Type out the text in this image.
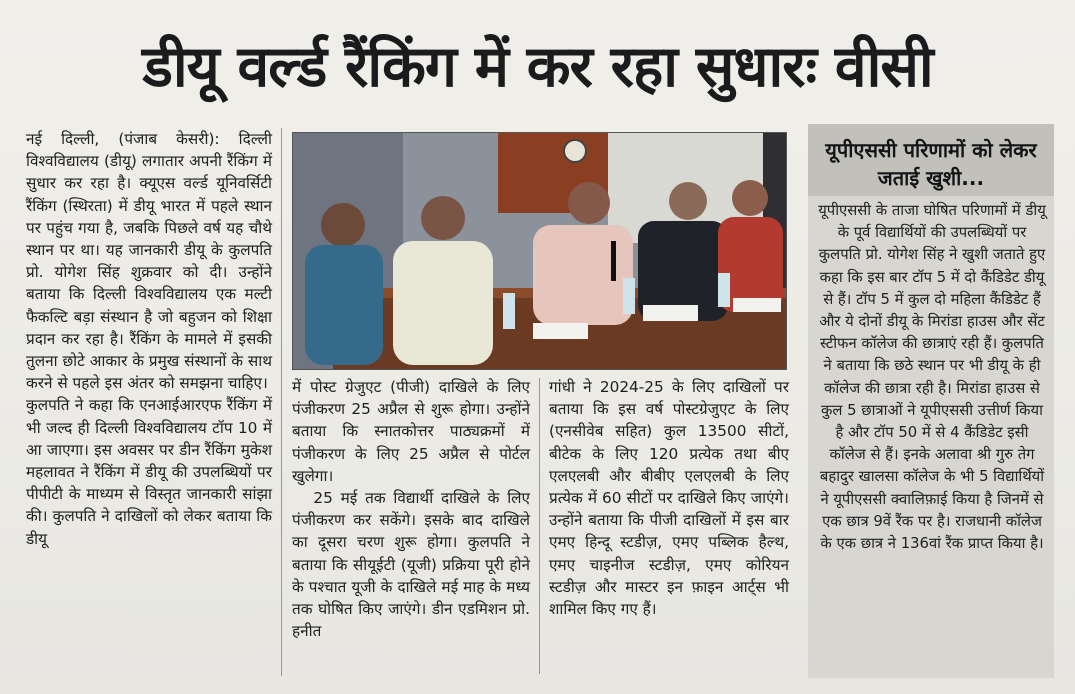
डीयू वर्ल्ड रैंकिंग में कर रहा सुधारः वीसी

नई दिल्ली, (पंजाब केसरी): दिल्ली विश्वविद्यालय (डीयू) लगातार अपनी रैंकिंग में सुधार कर रहा है। क्यूएस वर्ल्ड यूनिवर्सिटी रैंकिंग (स्थिरता) में डीयू भारत में पहले स्थान पर पहुंच गया है, जबकि पिछले वर्ष यह चौथे स्थान पर था। यह जानकारी डीयू के कुलपति प्रो. योगेश सिंह शुक्रवार को दी। उन्होंने बताया कि दिल्ली विश्वविद्यालय एक मल्टी फैकल्टि बड़ा संस्थान है जो बहुजन को शिक्षा प्रदान कर रहा है। रैंकिंग के मामले में इसकी तुलना छोटे आकार के प्रमुख संस्थानों के साथ करने से पहले इस अंतर को समझना चाहिए।

कुलपति ने कहा कि एनआईआरएफ रैंकिंग में भी जल्द ही दिल्ली विश्वविद्यालय टॉप 10 में आ जाएगा। इस अवसर पर डीन रैंकिंग मुकेश महलावत ने रैंकिंग में डीयू की उपलब्धियों पर पीपीटी के माध्यम से विस्तृत जानकारी सांझा की। कुलपति ने दाखिलों को लेकर बताया कि डीयू

में पोस्ट ग्रेजुएट (पीजी) दाखिले के लिए पंजीकरण 25 अप्रैल से शुरू होगा। उन्होंने बताया कि स्नातकोत्तर पाठ्यक्रमों में पंजीकरण के लिए 25 अप्रैल से पोर्टल खुलेगा।

25 मई तक विद्यार्थी दाखिले के लिए पंजीकरण कर सकेंगे। इसके बाद दाखिले का दूसरा चरण शुरू होगा। कुलपति ने बताया कि सीयूईटी (यूजी) प्रक्रिया पूरी होने के पश्चात यूजी के दाखिले मई माह के मध्य तक घोषित किए जाएंगे। डीन एडमिशन प्रो. हनीत

गांधी ने 2024-25 के लिए दाखिलों पर बताया कि इस वर्ष पोस्टग्रेजुएट के लिए (एनसीवेब सहित) कुल 13500 सीटों, बीटेक के लिए 120 प्रत्येक तथा बीए एलएलबी और बीबीए एलएलबी के लिए प्रत्येक में 60 सीटों पर दाखिले किए जाएंगे। उन्होंने बताया कि पीजी दाखिलों में इस बार एमए हिन्दू स्टडीज़, एमए पब्लिक हैल्थ, एमए चाइनीज स्टडीज़, एमए कोरियन स्टडीज़ और मास्टर इन फ़ाइन आर्ट्स भी शामिल किए गए हैं।

यूपीएससी परिणामों को लेकर जताई खुशी...
यूपीएससी के ताजा घोषित परिणामों में डीयू के पूर्व विद्यार्थियों की उपलब्धियों पर कुलपति प्रो. योगेश सिंह ने खुशी जताते हुए कहा कि इस बार टॉप 5 में दो कैंडिडेट डीयू से हैं। टॉप 5 में कुल दो महिला कैंडिडेट हैं और ये दोनों डीयू के मिरांडा हाउस और सेंट स्टीफन कॉलेज की छात्राएं रही हैं। कुलपति ने बताया कि छठे स्थान पर भी डीयू के ही कॉलेज की छात्रा रही है। मिरांडा हाउस से कुल 5 छात्राओं ने यूपीएससी उत्तीर्ण किया है और टॉप 50 में से 4 कैंडिडेट इसी कॉलेज से हैं। इनके अलावा श्री गुरु तेग बहादुर खालसा कॉलेज के भी 5 विद्यार्थियों ने यूपीएससी क्वालिफ़ाई किया है जिनमें से एक छात्र 9वें रैंक पर है। राजधानी कॉलेज के एक छात्र ने 136वां रैंक प्राप्त किया है।
